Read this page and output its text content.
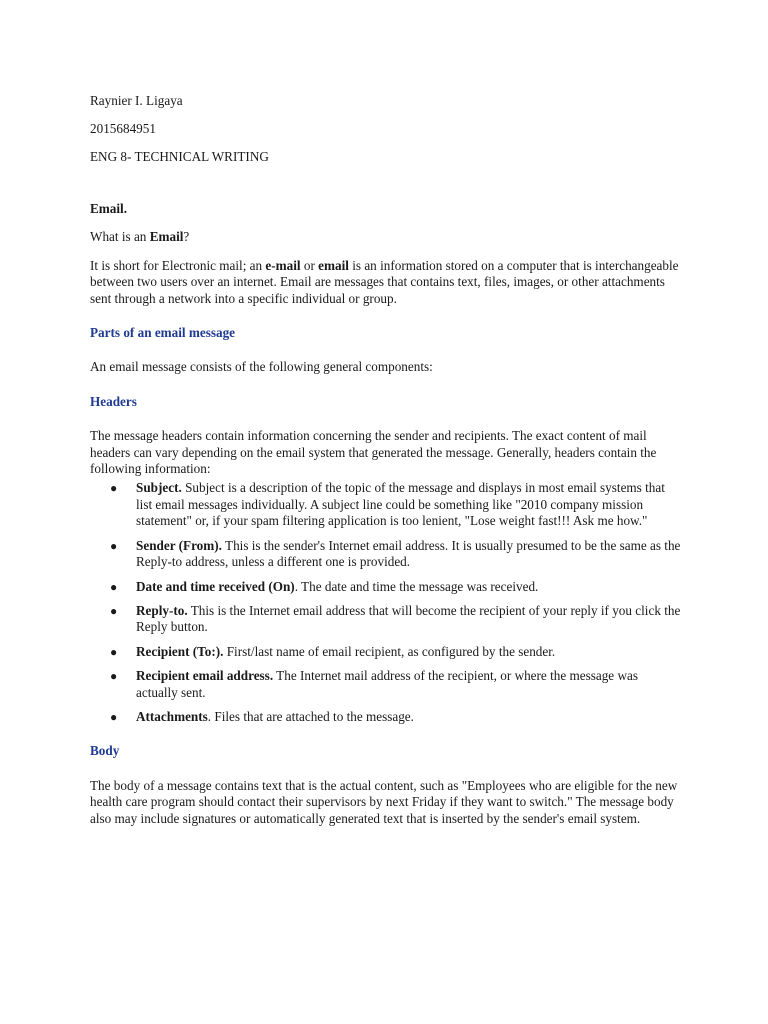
Raynier I. Ligaya

2015684951

ENG 8- TECHNICAL WRITING

Email.

What is an Email?

It is short for Electronic mail; an e-mail or email is an information stored on a computer that is interchangeable between two users over an internet. Email are messages that contains text, files, images, or other attachments sent through a network into a specific individual or group.

Parts of an email message

An email message consists of the following general components:

Headers

The message headers contain information concerning the sender and recipients. The exact content of mail headers can vary depending on the email system that generated the message. Generally, headers contain the following information:

● Subject. Subject is a description of the topic of the message and displays in most email systems that list email messages individually. A subject line could be something like "2010 company mission statement" or, if your spam filtering application is too lenient, "Lose weight fast!!! Ask me how."
● Sender (From). This is the sender's Internet email address. It is usually presumed to be the same as the Reply-to address, unless a different one is provided.
● Date and time received (On). The date and time the message was received.
● Reply-to. This is the Internet email address that will become the recipient of your reply if you click the Reply button.
● Recipient (To:). First/last name of email recipient, as configured by the sender.
● Recipient email address. The Internet mail address of the recipient, or where the message was actually sent.
● Attachments. Files that are attached to the message.

Body

The body of a message contains text that is the actual content, such as "Employees who are eligible for the new health care program should contact their supervisors by next Friday if they want to switch." The message body also may include signatures or automatically generated text that is inserted by the sender's email system.
